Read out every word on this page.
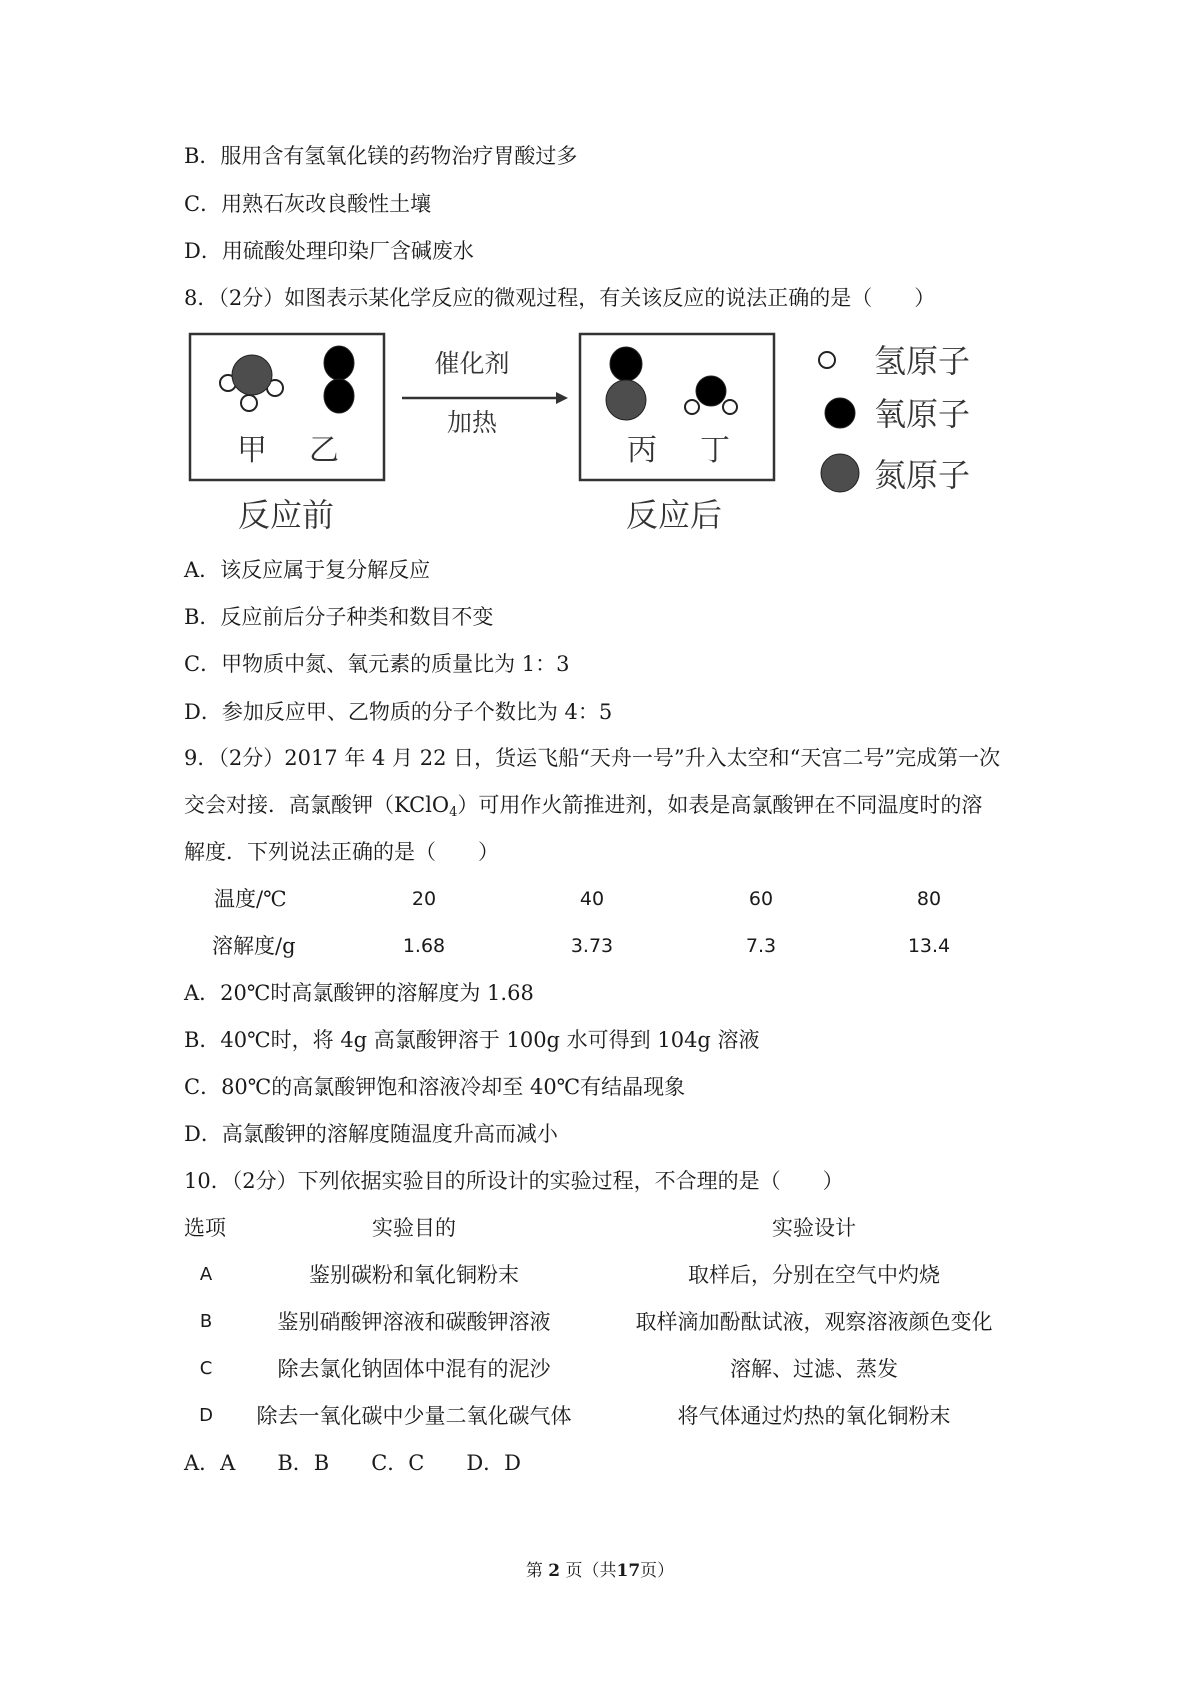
B．服用含有氢氧化镁的药物治疗胃酸过多
C．用熟石灰改良酸性土壤
D．用硫酸处理印染厂含碱废水
8．（2分）如图表示某化学反应的微观过程，有关该反应的说法正确的是（　　）
甲 乙
反应前
催化剂
加热
丙 丁
反应后
氢原子
氧原子
氮原子
A．该反应属于复分解反应
B．反应前后分子种类和数目不变
C．甲物质中氮、氧元素的质量比为 1：3
D．参加反应甲、乙物质的分子个数比为 4：5
9．（2分）2017 年 4 月 22 日，货运飞船“天舟一号”升入太空和“天宫二号”完成第一次
交会对接．高氯酸钾（KClO$_4$）可用作火箭推进剂，如表是高氯酸钾在不同温度时的溶
解度．下列说法正确的是（　　）
温度/℃	20	40	60	80
溶解度/g	1.68	3.73	7.3	13.4
A．20℃时高氯酸钾的溶解度为 1.68
B．40℃时，将 4g 高氯酸钾溶于 100g 水可得到 104g 溶液
C．80℃的高氯酸钾饱和溶液冷却至 40℃有结晶现象
D．高氯酸钾的溶解度随温度升高而减小
10．（2分）下列依据实验目的所设计的实验过程，不合理的是（　　）
选项	实验目的	实验设计
A	鉴别碳粉和氧化铜粉末	取样后，分别在空气中灼烧
B	鉴别硝酸钾溶液和碳酸钾溶液	取样滴加酚酞试液，观察溶液颜色变化
C	除去氯化钠固体中混有的泥沙	溶解、过滤、蒸发
D	除去一氧化碳中少量二氧化碳气体	将气体通过灼热的氧化铜粉末
A．A　　B．B　　C．C　　D．D
第 2 页（共17页）
